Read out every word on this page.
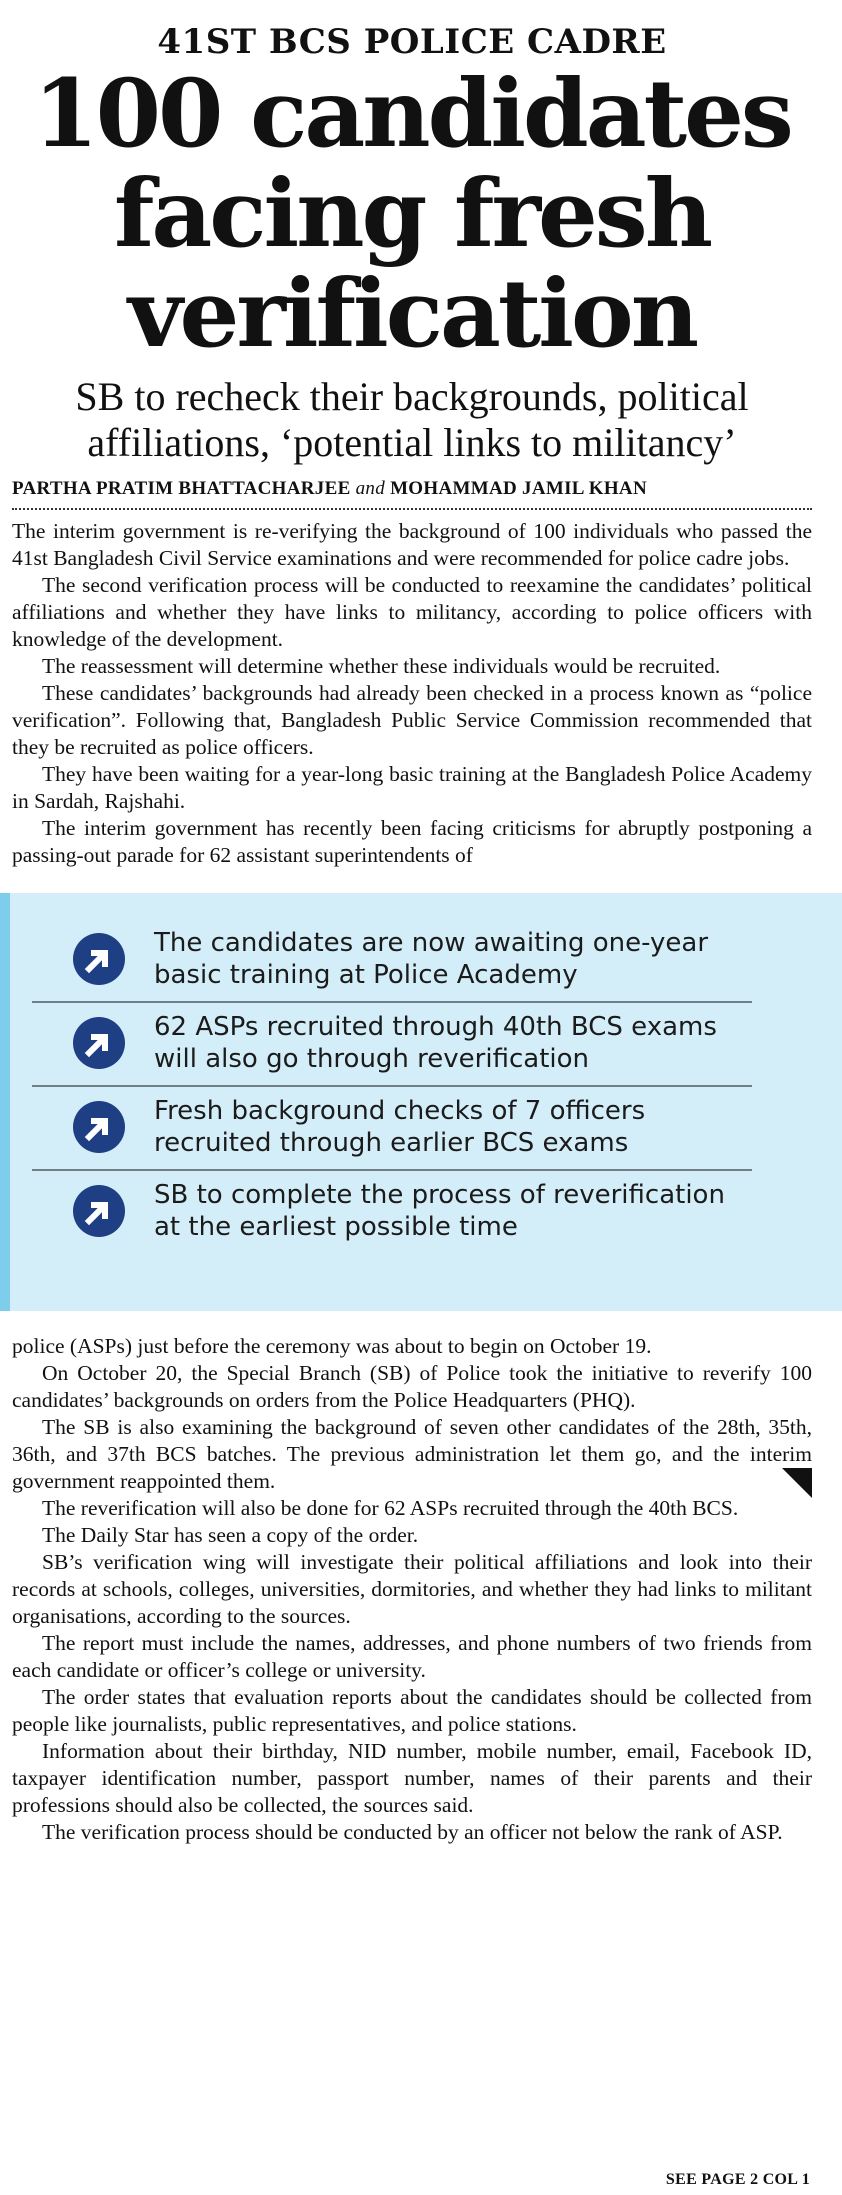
41ST BCS POLICE CADRE
100 candidates
facing fresh
verification
SB to recheck their backgrounds, political
affiliations, ‘potential links to militancy’
PARTHA PRATIM BHATTACHARJEE and MOHAMMAD JAMIL KHAN

The interim government is re-verifying the background of 100 individuals who passed the 41st Bangladesh Civil Service examinations and were recommended for police cadre jobs.

The second verification process will be conducted to reexamine the candidates’ political affiliations and whether they have links to militancy, according to police officers with knowledge of the development.

The reassessment will determine whether these individuals would be recruited.

These candidates’ backgrounds had already been checked in a process known as “police verification”. Following that, Bangladesh Public Service Commission recommended that they be recruited as police officers.

They have been waiting for a year-long basic training at the Bangladesh Police Academy in Sardah, Rajshahi.

The interim government has recently been facing criticisms for abruptly postponing a passing-out parade for 62 assistant superintendents of

The candidates are now awaiting one-year
basic training at Police Academy
62 ASPs recruited through 40th BCS exams
will also go through reverification
Fresh background checks of 7 officers
recruited through earlier BCS exams
SB to complete the process of reverification
at the earliest possible time

police (ASPs) just before the ceremony was about to begin on October 19.

On October 20, the Special Branch (SB) of Police took the initiative to reverify 100 candidates’ backgrounds on orders from the Police Headquarters (PHQ).

The SB is also examining the background of seven other candidates of the 28th, 35th, 36th, and 37th BCS batches. The previous administration let them go, and the interim government reappointed them.

The reverification will also be done for 62 ASPs recruited through the 40th BCS.

The Daily Star has seen a copy of the order.

SB’s verification wing will investigate their political affiliations and look into their records at schools, colleges, universities, dormitories, and whether they had links to militant organisations, according to the sources.

The report must include the names, addresses, and phone numbers of two friends from each candidate or officer’s college or university.

The order states that evaluation reports about the candidates should be collected from people like journalists, public representatives, and police stations.

Information about their birthday, NID number, mobile number, email, Facebook ID, taxpayer identification number, passport number, names of their parents and their professions should also be collected, the sources said.

The verification process should be conducted by an officer not below the rank of ASP.

SEE PAGE 2 COL 1
